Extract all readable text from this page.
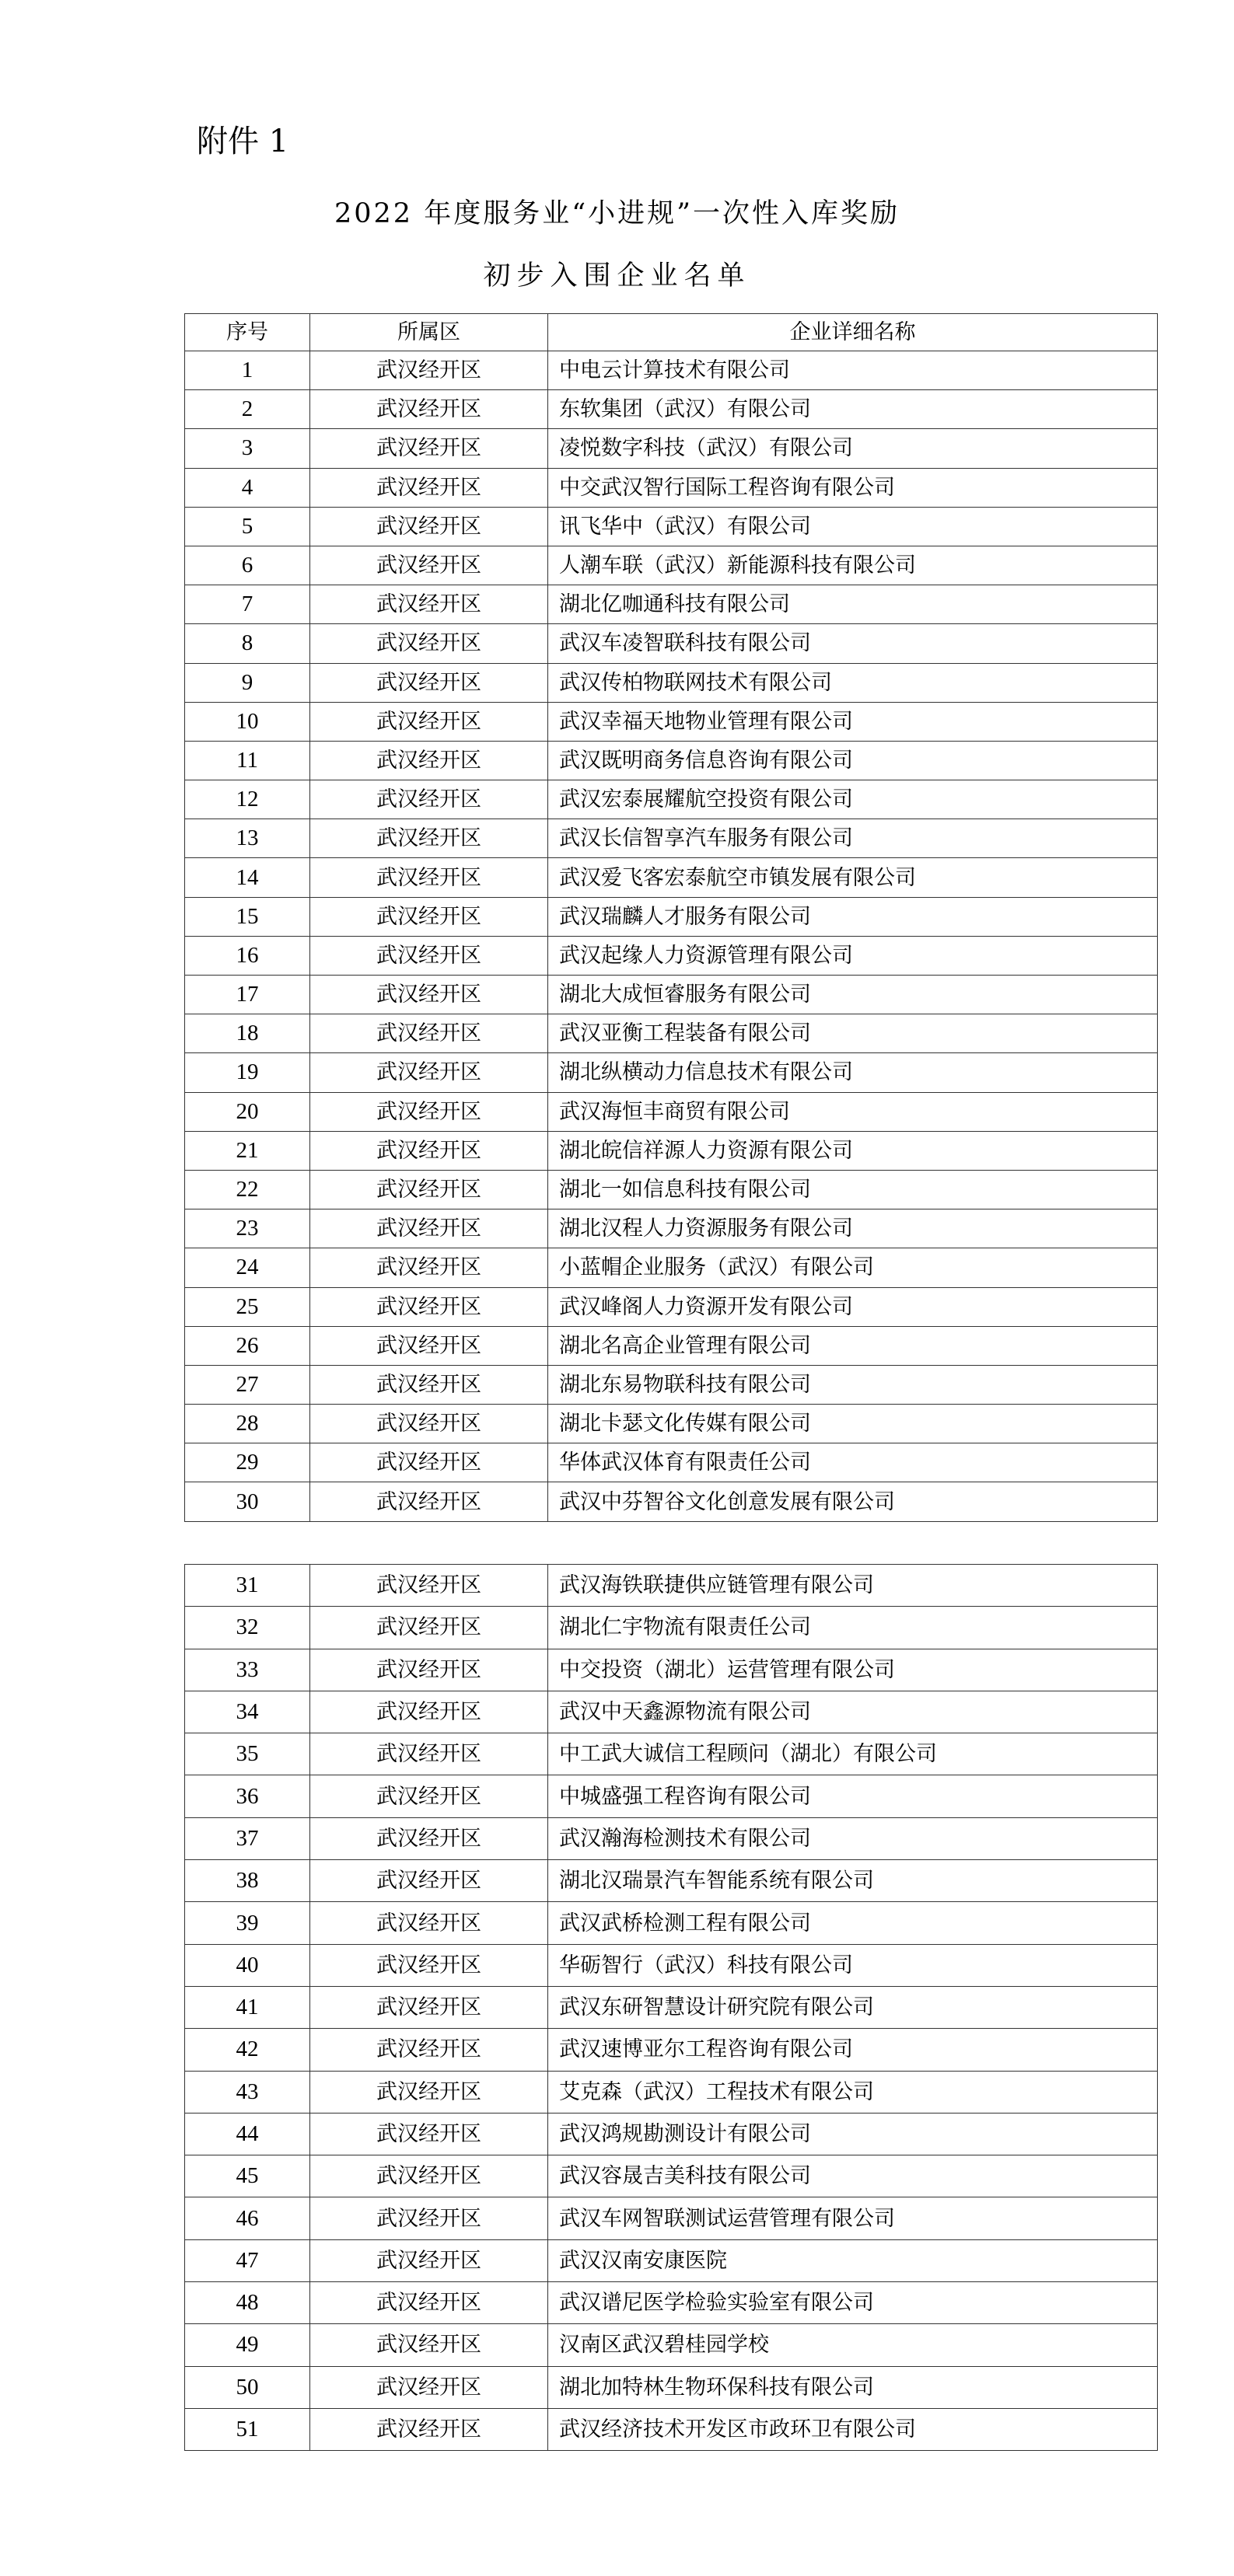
附件 1
2022 年度服务业“小进规”一次性入库奖励
初步入围企业名单
序号	所属区	企业详细名称
1	武汉经开区	中电云计算技术有限公司
2	武汉经开区	东软集团（武汉）有限公司
3	武汉经开区	凌悦数字科技（武汉）有限公司
4	武汉经开区	中交武汉智行国际工程咨询有限公司
5	武汉经开区	讯飞华中（武汉）有限公司
6	武汉经开区	人潮车联（武汉）新能源科技有限公司
7	武汉经开区	湖北亿咖通科技有限公司
8	武汉经开区	武汉车凌智联科技有限公司
9	武汉经开区	武汉传柏物联网技术有限公司
10	武汉经开区	武汉幸福天地物业管理有限公司
11	武汉经开区	武汉既明商务信息咨询有限公司
12	武汉经开区	武汉宏泰展耀航空投资有限公司
13	武汉经开区	武汉长信智享汽车服务有限公司
14	武汉经开区	武汉爱飞客宏泰航空市镇发展有限公司
15	武汉经开区	武汉瑞麟人才服务有限公司
16	武汉经开区	武汉起缘人力资源管理有限公司
17	武汉经开区	湖北大成恒睿服务有限公司
18	武汉经开区	武汉亚衡工程装备有限公司
19	武汉经开区	湖北纵横动力信息技术有限公司
20	武汉经开区	武汉海恒丰商贸有限公司
21	武汉经开区	湖北皖信祥源人力资源有限公司
22	武汉经开区	湖北一如信息科技有限公司
23	武汉经开区	湖北汉程人力资源服务有限公司
24	武汉经开区	小蓝帽企业服务（武汉）有限公司
25	武汉经开区	武汉峰阁人力资源开发有限公司
26	武汉经开区	湖北名高企业管理有限公司
27	武汉经开区	湖北东易物联科技有限公司
28	武汉经开区	湖北卡瑟文化传媒有限公司
29	武汉经开区	华体武汉体育有限责任公司
30	武汉经开区	武汉中芬智谷文化创意发展有限公司
31	武汉经开区	武汉海铁联捷供应链管理有限公司
32	武汉经开区	湖北仁宇物流有限责任公司
33	武汉经开区	中交投资（湖北）运营管理有限公司
34	武汉经开区	武汉中天鑫源物流有限公司
35	武汉经开区	中工武大诚信工程顾问（湖北）有限公司
36	武汉经开区	中城盛强工程咨询有限公司
37	武汉经开区	武汉瀚海检测技术有限公司
38	武汉经开区	湖北汉瑞景汽车智能系统有限公司
39	武汉经开区	武汉武桥检测工程有限公司
40	武汉经开区	华砺智行（武汉）科技有限公司
41	武汉经开区	武汉东研智慧设计研究院有限公司
42	武汉经开区	武汉速博亚尔工程咨询有限公司
43	武汉经开区	艾克森（武汉）工程技术有限公司
44	武汉经开区	武汉鸿规勘测设计有限公司
45	武汉经开区	武汉容晟吉美科技有限公司
46	武汉经开区	武汉车网智联测试运营管理有限公司
47	武汉经开区	武汉汉南安康医院
48	武汉经开区	武汉谱尼医学检验实验室有限公司
49	武汉经开区	汉南区武汉碧桂园学校
50	武汉经开区	湖北加特林生物环保科技有限公司
51	武汉经开区	武汉经济技术开发区市政环卫有限公司
